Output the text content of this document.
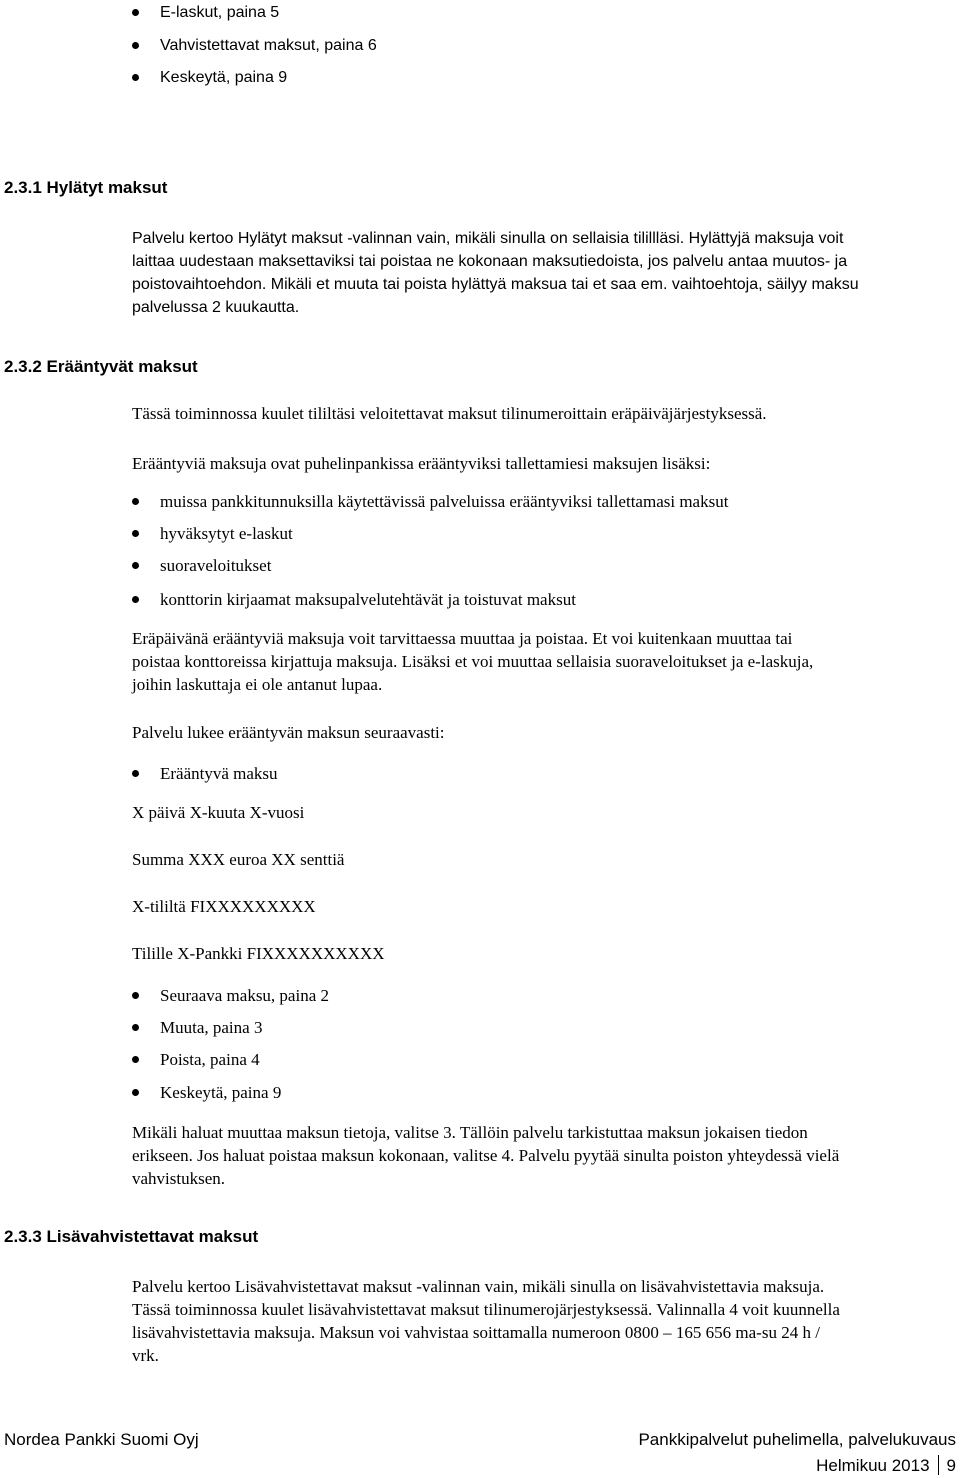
E-laskut, paina 5
Vahvistettavat maksut, paina 6
Keskeytä, paina 9
2.3.1 Hylätyt maksut
Palvelu kertoo Hylätyt maksut -valinnan vain, mikäli sinulla on sellaisia tilillläsi. Hylättyjä maksuja voit
laittaa uudestaan maksettaviksi tai poistaa ne kokonaan maksutiedoista, jos palvelu antaa muutos- ja
poistovaihtoehdon. Mikäli et muuta tai poista hylättyä maksua tai et saa em. vaihtoehtoja, säilyy maksu
palvelussa 2 kuukautta.
2.3.2 Erääntyvät maksut
Tässä toiminnossa kuulet tililtäsi veloitettavat maksut tilinumeroittain eräpäiväjärjestyksessä.
Erääntyviä maksuja ovat puhelinpankissa erääntyviksi tallettamiesi maksujen lisäksi:
muissa pankkitunnuksilla käytettävissä palveluissa erääntyviksi tallettamasi maksut
hyväksytyt e-laskut
suoraveloitukset
konttorin kirjaamat maksupalvelutehtävät ja toistuvat maksut
Eräpäivänä erääntyviä maksuja voit tarvittaessa muuttaa ja poistaa. Et voi kuitenkaan muuttaa tai
poistaa konttoreissa kirjattuja maksuja. Lisäksi et voi muuttaa sellaisia suoraveloitukset ja e-laskuja,
joihin laskuttaja ei ole antanut lupaa.
Palvelu lukee erääntyvän maksun seuraavasti:
Erääntyvä maksu
X päivä X-kuuta X-vuosi
Summa XXX euroa XX senttiä
X-tililtä FIXXXXXXXXX
Tilille X-Pankki FIXXXXXXXXXX
Seuraava maksu, paina 2
Muuta, paina 3
Poista, paina 4
Keskeytä, paina 9
Mikäli haluat muuttaa maksun tietoja, valitse 3. Tällöin palvelu tarkistuttaa maksun jokaisen tiedon
erikseen. Jos haluat poistaa maksun kokonaan, valitse 4. Palvelu pyytää sinulta poiston yhteydessä vielä
vahvistuksen.
2.3.3 Lisävahvistettavat maksut
Palvelu kertoo Lisävahvistettavat maksut -valinnan vain, mikäli sinulla on lisävahvistettavia maksuja.
Tässä toiminnossa kuulet lisävahvistettavat maksut tilinumerojärjestyksessä. Valinnalla 4 voit kuunnella
lisävahvistettavia maksuja. Maksun voi vahvistaa soittamalla numeroon 0800 – 165 656 ma-su 24 h /
vrk.
Nordea Pankki Suomi Oyj	Pankkipalvelut puhelimella, palvelukuvaus
Helmikuu 2013 9
